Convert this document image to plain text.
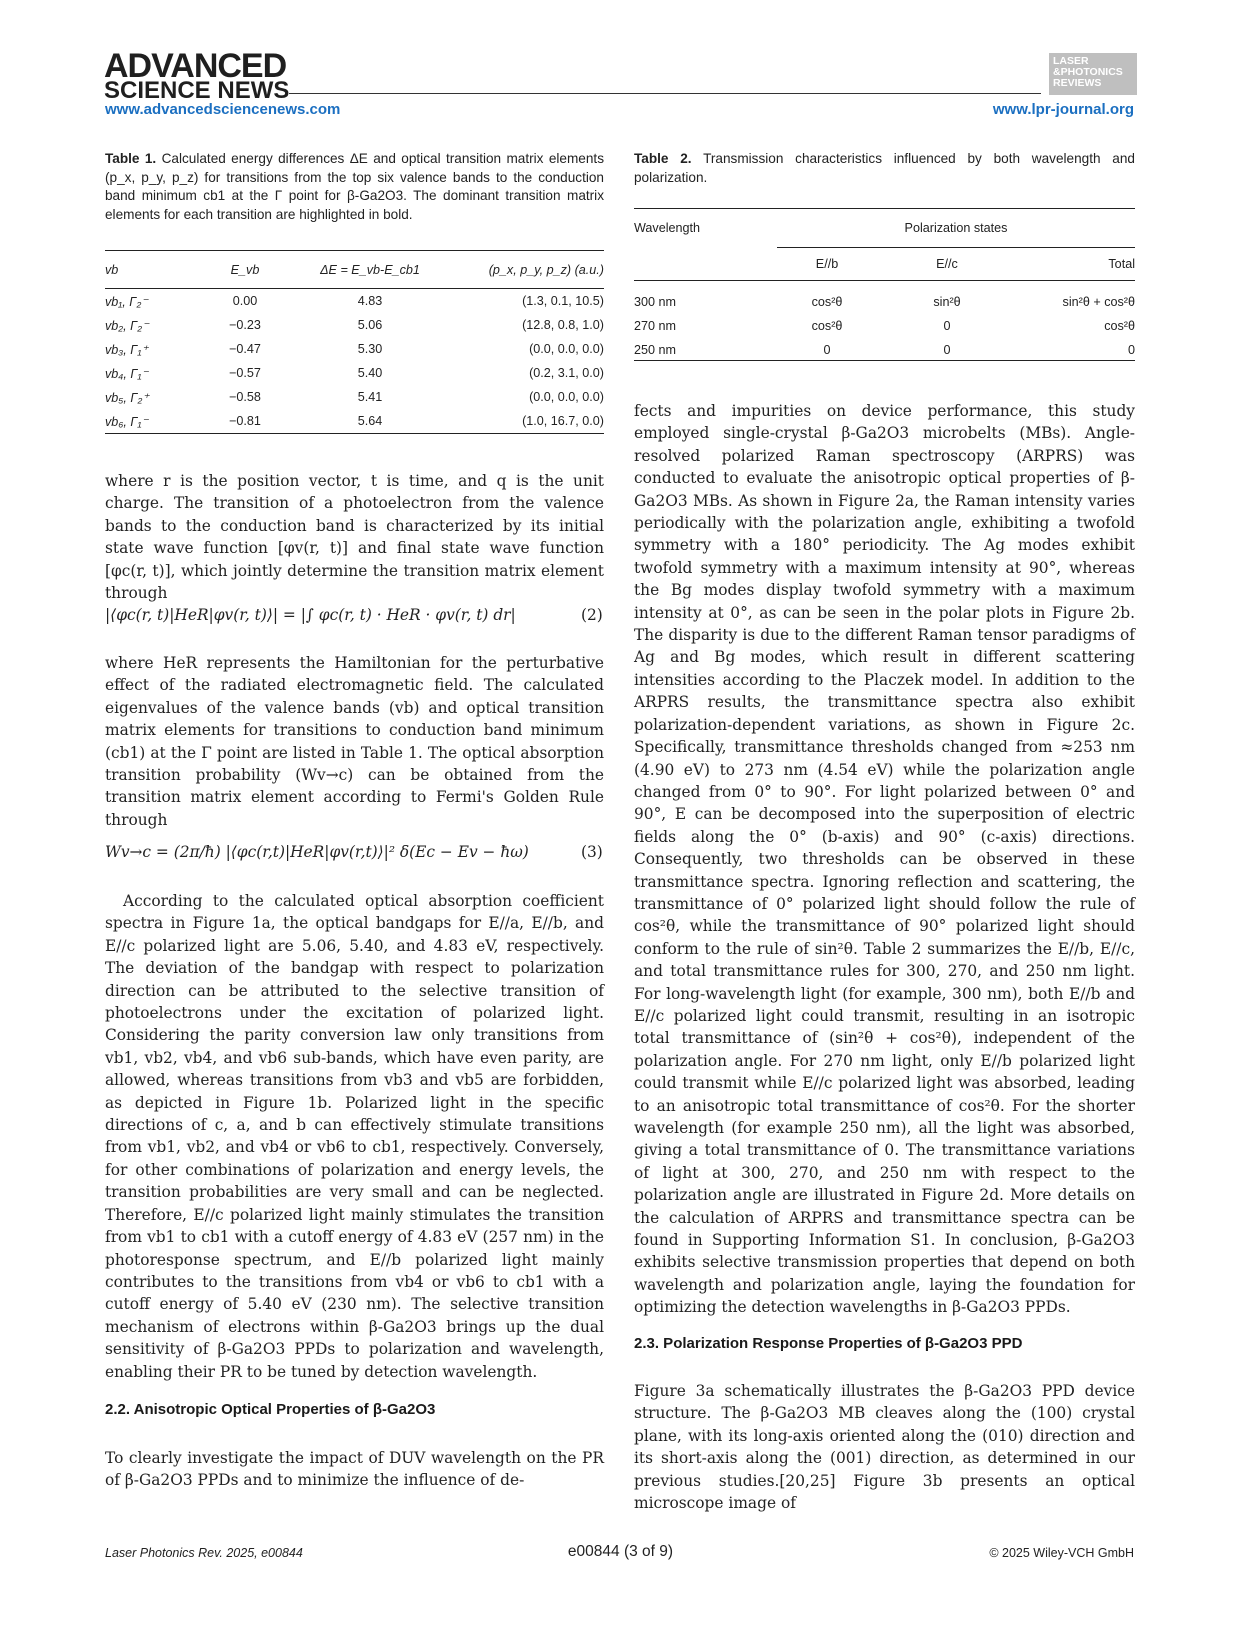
ADVANCED
SCIENCE NEWS
LASER &PHOTONICS REVIEWS
www.advancedsciencenews.com	www.lpr-journal.org
Table 1. Calculated energy differences ΔE and optical transition matrix elements (p_x, p_y, p_z) for transitions from the top six valence bands to the conduction band minimum cb1 at the Γ point for β-Ga2O3. The dominant transition matrix elements for each transition are highlighted in bold.
vb	E_vb	ΔE = E_vb-E_cb1	(p_x, p_y, p_z) (a.u.)
vb₁, Γ₂⁻	0.00	4.83	(1.3, 0.1, 10.5)
vb₂, Γ₂⁻	−0.23	5.06	(12.8, 0.8, 1.0)
vb₃, Γ₁⁺	−0.47	5.30	(0.0, 0.0, 0.0)
vb₄, Γ₁⁻	−0.57	5.40	(0.2, 3.1, 0.0)
vb₅, Γ₂⁺	−0.58	5.41	(0.0, 0.0, 0.0)
vb₆, Γ₁⁻	−0.81	5.64	(1.0, 16.7, 0.0)
where r is the position vector, t is time, and q is the unit charge. The transition of a photoelectron from the valence bands to the conduction band is characterized by its initial state wave function [φv(r, t)] and final state wave function [φc(r, t)], which jointly determine the transition matrix element through
|⟨φc(r, t)|HeR|φv(r, t)⟩| = |∫ φc(r, t) · HeR · φv(r, t) dr|	(2)
where HeR represents the Hamiltonian for the perturbative effect of the radiated electromagnetic field. The calculated eigenvalues of the valence bands (vb) and optical transition matrix elements for transitions to conduction band minimum (cb1) at the Γ point are listed in Table 1. The optical absorption transition probability (Wv→c) can be obtained from the transition matrix element according to Fermi's Golden Rule through
Wv→c = (2π/ħ) |⟨φc(r,t)|HeR|φv(r,t)⟩|² δ(Ec − Ev − ħω)	(3)
According to the calculated optical absorption coefficient spectra in Figure 1a, the optical bandgaps for E//a, E//b, and E//c polarized light are 5.06, 5.40, and 4.83 eV, respectively. The deviation of the bandgap with respect to polarization direction can be attributed to the selective transition of photoelectrons under the excitation of polarized light. Considering the parity conversion law only transitions from vb1, vb2, vb4, and vb6 sub-bands, which have even parity, are allowed, whereas transitions from vb3 and vb5 are forbidden, as depicted in Figure 1b. Polarized light in the specific directions of c, a, and b can effectively stimulate transitions from vb1, vb2, and vb4 or vb6 to cb1, respectively. Conversely, for other combinations of polarization and energy levels, the transition probabilities are very small and can be neglected. Therefore, E//c polarized light mainly stimulates the transition from vb1 to cb1 with a cutoff energy of 4.83 eV (257 nm) in the photoresponse spectrum, and E//b polarized light mainly contributes to the transitions from vb4 or vb6 to cb1 with a cutoff energy of 5.40 eV (230 nm). The selective transition mechanism of electrons within β-Ga2O3 brings up the dual sensitivity of β-Ga2O3 PPDs to polarization and wavelength, enabling their PR to be tuned by detection wavelength.
2.2. Anisotropic Optical Properties of β-Ga2O3
To clearly investigate the impact of DUV wavelength on the PR of β-Ga2O3 PPDs and to minimize the influence of de-
Table 2. Transmission characteristics influenced by both wavelength and polarization.
Wavelength	Polarization states
E//b	E//c	Total
300 nm	cos²θ	sin²θ	sin²θ + cos²θ
270 nm	cos²θ	0	cos²θ
250 nm	0	0	0
fects and impurities on device performance, this study employed single-crystal β-Ga2O3 microbelts (MBs). Angle-resolved polarized Raman spectroscopy (ARPRS) was conducted to evaluate the anisotropic optical properties of β-Ga2O3 MBs. As shown in Figure 2a, the Raman intensity varies periodically with the polarization angle, exhibiting a twofold symmetry with a 180° periodicity. The Ag modes exhibit twofold symmetry with a maximum intensity at 90°, whereas the Bg modes display twofold symmetry with a maximum intensity at 0°, as can be seen in the polar plots in Figure 2b. The disparity is due to the different Raman tensor paradigms of Ag and Bg modes, which result in different scattering intensities according to the Placzek model. In addition to the ARPRS results, the transmittance spectra also exhibit polarization-dependent variations, as shown in Figure 2c. Specifically, transmittance thresholds changed from ≈253 nm (4.90 eV) to 273 nm (4.54 eV) while the polarization angle changed from 0° to 90°. For light polarized between 0° and 90°, E can be decomposed into the superposition of electric fields along the 0° (b-axis) and 90° (c-axis) directions. Consequently, two thresholds can be observed in these transmittance spectra. Ignoring reflection and scattering, the transmittance of 0° polarized light should follow the rule of cos²θ, while the transmittance of 90° polarized light should conform to the rule of sin²θ. Table 2 summarizes the E//b, E//c, and total transmittance rules for 300, 270, and 250 nm light. For long-wavelength light (for example, 300 nm), both E//b and E//c polarized light could transmit, resulting in an isotropic total transmittance of (sin²θ + cos²θ), independent of the polarization angle. For 270 nm light, only E//b polarized light could transmit while E//c polarized light was absorbed, leading to an anisotropic total transmittance of cos²θ. For the shorter wavelength (for example 250 nm), all the light was absorbed, giving a total transmittance of 0. The transmittance variations of light at 300, 270, and 250 nm with respect to the polarization angle are illustrated in Figure 2d. More details on the calculation of ARPRS and transmittance spectra can be found in Supporting Information S1. In conclusion, β-Ga2O3 exhibits selective transmission properties that depend on both wavelength and polarization angle, laying the foundation for optimizing the detection wavelengths in β-Ga2O3 PPDs.
2.3. Polarization Response Properties of β-Ga2O3 PPD
Figure 3a schematically illustrates the β-Ga2O3 PPD device structure. The β-Ga2O3 MB cleaves along the (100) crystal plane, with its long-axis oriented along the (010) direction and its short-axis along the (001) direction, as determined in our previous studies.[20,25] Figure 3b presents an optical microscope image of
Laser Photonics Rev. 2025, e00844	e00844 (3 of 9)	© 2025 Wiley-VCH GmbH
